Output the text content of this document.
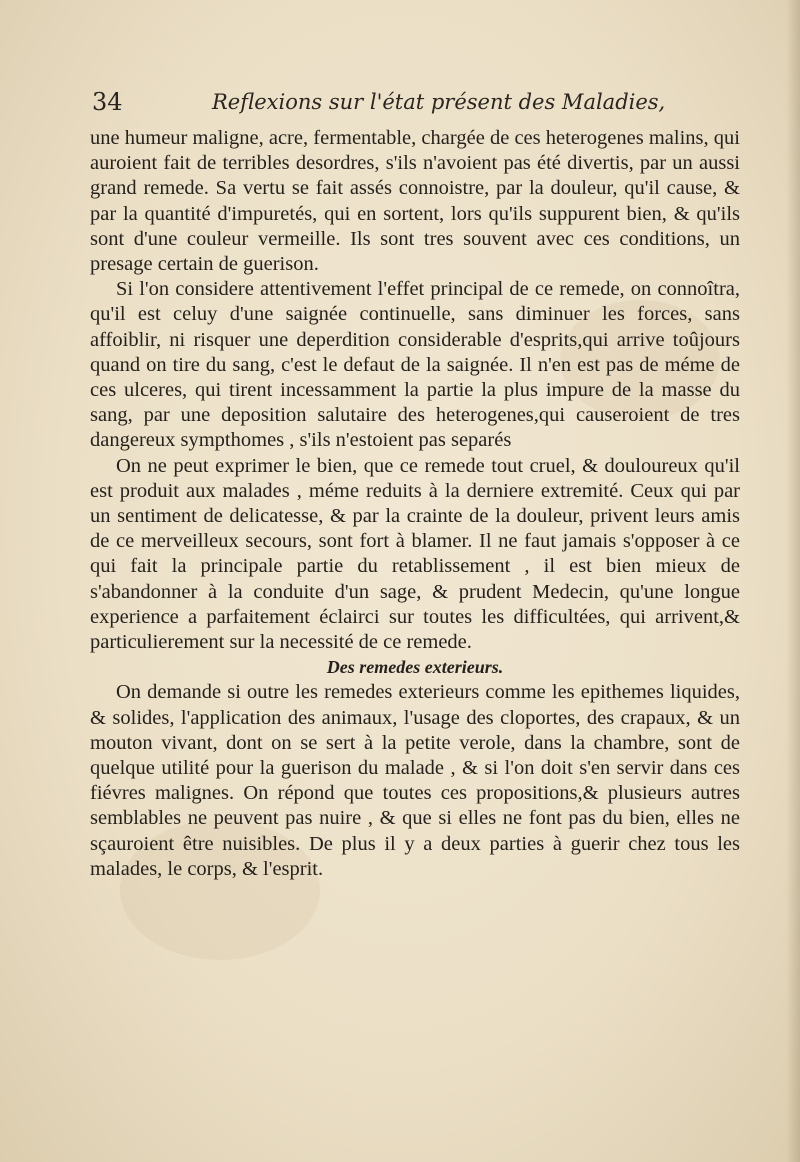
34	Reflexions sur l'état présent des Maladies,

une humeur maligne, acre, fermentable, chargée de ces heterogenes malins, qui auroient fait de terribles desordres, s'ils n'avoient pas été divertis, par un aussi grand remede. Sa vertu se fait assés connoistre, par la douleur, qu'il cause, & par la quantité d'impuretés, qui en sortent, lors qu'ils suppurent bien, & qu'ils sont d'une couleur vermeille. Ils sont tres souvent avec ces conditions, un presage certain de guerison.

Si l'on considere attentivement l'effet principal de ce remede, on connoîtra, qu'il est celuy d'une saignée continuelle, sans diminuer les forces, sans affoiblir, ni risquer une deperdition considerable d'esprits,qui arrive toûjours quand on tire du sang, c'est le defaut de la saignée. Il n'en est pas de méme de ces ulceres, qui tirent incessamment la partie la plus impure de la masse du sang, par une deposition salutaire des heterogenes,qui causeroient de tres dangereux sympthomes , s'ils n'estoient pas separés

On ne peut exprimer le bien, que ce remede tout cruel, & douloureux qu'il est produit aux malades , méme reduits à la derniere extremité. Ceux qui par un sentiment de delicatesse, & par la crainte de la douleur, privent leurs amis de ce merveilleux secours, sont fort à blamer. Il ne faut jamais s'opposer à ce qui fait la principale partie du retablissement , il est bien mieux de s'abandonner à la conduite d'un sage, & prudent Medecin, qu'une longue experience a parfaitement éclairci sur toutes les difficultées, qui arrivent,& particulierement sur la necessité de ce remede.

Des remedes exterieurs.

On demande si outre les remedes exterieurs comme les epithemes liquides, & solides, l'application des animaux, l'usage des cloportes, des crapaux, & un mouton vivant, dont on se sert à la petite verole, dans la chambre, sont de quelque utilité pour la guerison du malade , & si l'on doit s'en servir dans ces fiévres malignes. On répond que toutes ces propositions,& plusieurs autres semblables ne peuvent pas nuire , & que si elles ne font pas du bien, elles ne sçauroient être nuisibles. De plus il y a deux parties à guerir chez tous les malades, le corps, & l'esprit.
